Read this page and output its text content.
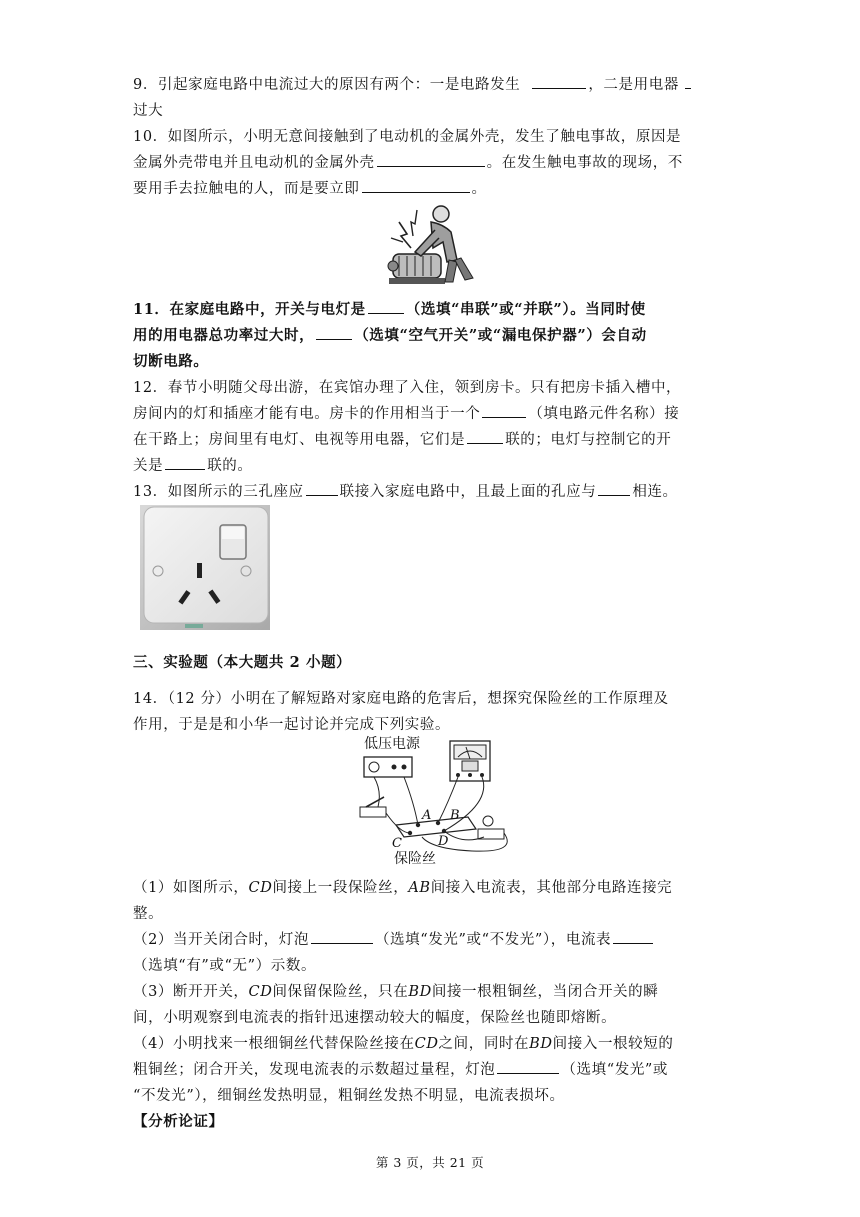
9．引起家庭电路中电流过大的原因有两个：一是电路发生	，二是用电器
过大
10．如图所示，小明无意间接触到了电动机的金属外壳，发生了触电事故，原因是
金属外壳带电并且电动机的金属外壳	。在发生触电事故的现场，不
要用手去拉触电的人，而是要立即	。
11．在家庭电路中，开关与电灯是	（选填“串联”或“并联”）。当同时使
用的用电器总功率过大时，	（选填“空气开关”或“漏电保护器”）会自动
切断电路。
12．春节小明随父母出游，在宾馆办理了入住，领到房卡。只有把房卡插入槽中，
房间内的灯和插座才能有电。房卡的作用相当于一个	（填电路元件名称）接
在干路上；房间里有电灯、电视等用电器，它们是	联的；电灯与控制它的开
关是	联的。
13．如图所示的三孔座应 联接入家庭电路中，且最上面的孔应与 相连。
三、实验题（本大题共 2 小题）
14．（12 分）小明在了解短路对家庭电路的危害后，想探究保险丝的工作原理及
作用，于是是和小华一起讨论并完成下列实验。
低压电源
A B
C	D
保险丝
（1）如图所示，CD间接上一段保险丝，AB间接入电流表，其他部分电路连接完
整。
（2）当开关闭合时，灯泡	（选填“发光”或“不发光”），电流表
（选填“有”或“无”）示数。
（3）断开开关，CD间保留保险丝，只在BD间接一根粗铜丝，当闭合开关的瞬
间，小明观察到电流表的指针迅速摆动较大的幅度，保险丝也随即熔断。
（4）小明找来一根细铜丝代替保险丝接在CD之间，同时在BD间接入一根较短的
粗铜丝；闭合开关，发现电流表的示数超过量程，灯泡	（选填“发光”或
“不发光”），细铜丝发热明显，粗铜丝发热不明显，电流表损坏。
【分析论证】
第 3 页，共 21 页
